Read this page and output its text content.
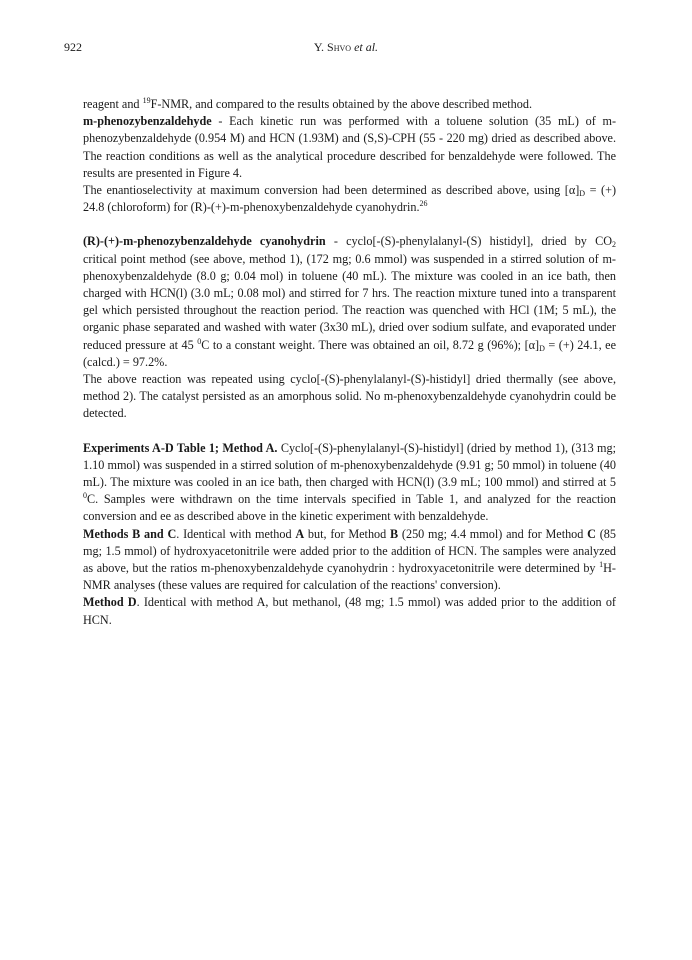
922	Y. Shvo et al.

reagent and $^{19}$F-NMR, and compared to the results obtained by the above described method.

m-phenozybenzaldehyde - Each kinetic run was performed with a toluene solution (35 mL) of m-phenozybenzaldehyde (0.954 M) and HCN (1.93M) and (S,S)-CPH (55 - 220 mg) dried as described above. The reaction conditions as well as the analytical procedure described for benzaldehyde were followed. The results are presented in Figure 4.

The enantioselectivity at maximum conversion had been determined as described above, using $[\alpha]_D$ = (+) 24.8 (chloroform) for (R)-(+)-m-phenoxybenzaldehyde cyanohydrin.$^{26}$

(R)-(+)-m-phenozybenzaldehyde cyanohydrin - cyclo[-(S)-phenylalanyl-(S) histidyl], dried by $CO_2$ critical point method (see above, method 1), (172 mg; 0.6 mmol) was suspended in a stirred solution of m-phenoxybenzaldehyde (8.0 g; 0.04 mol) in toluene (40 mL). The mixture was cooled in an ice bath, then charged with HCN(l) (3.0 mL; 0.08 mol) and stirred for 7 hrs. The reaction mixture tuned into a transparent gel which persisted throughout the reaction period. The reaction was quenched with HCl (1M; 5 mL), the organic phase separated and washed with water (3x30 mL), dried over sodium sulfate, and evaporated under reduced pressure at 45 $^0$C to a constant weight. There was obtained an oil, 8.72 g (96%); $[\alpha]_D$ = (+) 24.1, ee (calcd.) = 97.2%.

The above reaction was repeated using cyclo[-(S)-phenylalanyl-(S)-histidyl] dried thermally (see above, method 2). The catalyst persisted as an amorphous solid. No m-phenoxybenzaldehyde cyanohydrin could be detected.

Experiments A-D Table 1; Method A. Cyclo[-(S)-phenylalanyl-(S)-histidyl] (dried by method 1), (313 mg; 1.10 mmol) was suspended in a stirred solution of m-phenoxybenzaldehyde (9.91 g; 50 mmol) in toluene (40 mL). The mixture was cooled in an ice bath, then charged with HCN(l) (3.9 mL; 100 mmol) and stirred at 5 $^0$C. Samples were withdrawn on the time intervals specified in Table 1, and analyzed for the reaction conversion and ee as described above in the kinetic experiment with benzaldehyde.

Methods B and C. Identical with method A but, for Method B (250 mg; 4.4 mmol) and for Method C (85 mg; 1.5 mmol) of hydroxyacetonitrile were added prior to the addition of HCN. The samples were analyzed as above, but the ratios m-phenoxybenzaldehyde cyanohydrin : hydroxyacetonitrile were determined by $^1$H-NMR analyses (these values are required for calculation of the reactions' conversion).

Method D. Identical with method A, but methanol, (48 mg; 1.5 mmol) was added prior to the addition of HCN.
